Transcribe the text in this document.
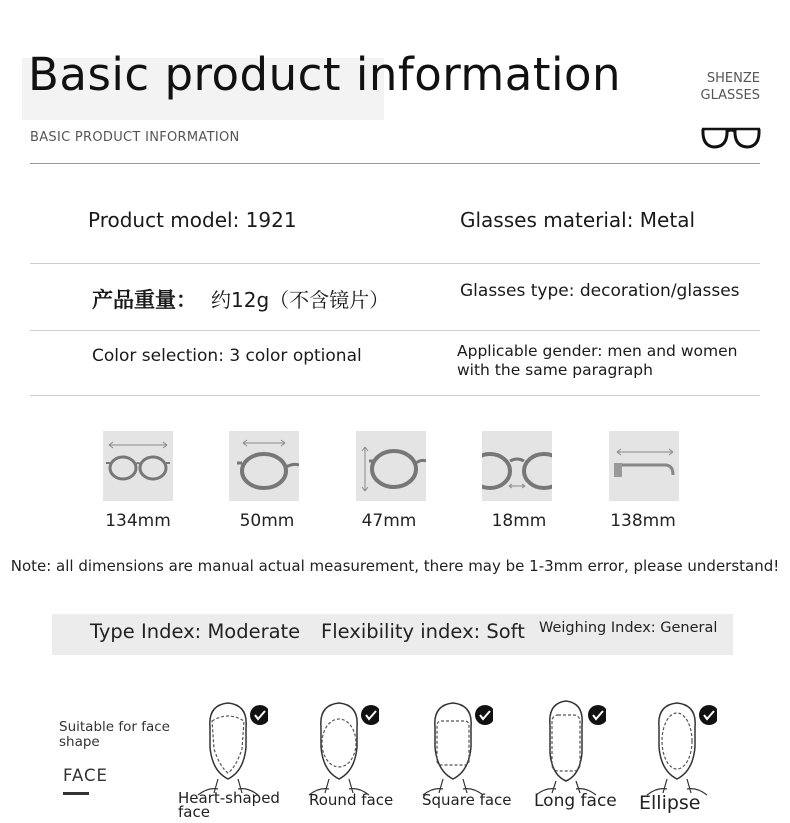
Basic product information	SHENZE
GLASSES
BASIC PRODUCT INFORMATION
Product model: 1921	Glasses material: Metal
产品重量： 约12g（不含镜片）	Glasses type: decoration/glasses
Color selection: 3 color optional	Applicable gender: men and women
with the same paragraph
134mm	50mm	47mm	18mm	138mm
Note: all dimensions are manual actual measurement, there may be 1-3mm error, please understand!
Type Index: Moderate Flexibility index: Soft Weighing Index: General
Suitable for face
shape
FACE
Heart-shaped
face
Round face Square face Long face Ellipse
